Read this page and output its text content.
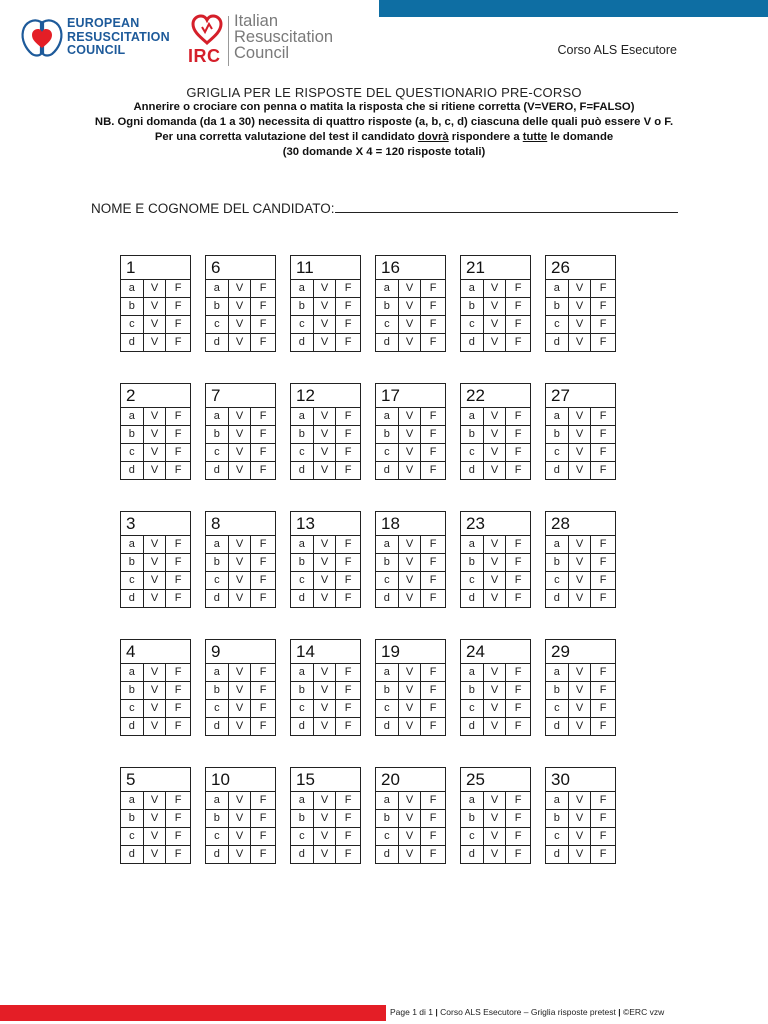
EUROPEAN
RESUSCITATION
COUNCIL	IRC
Italian
Resuscitation
Council	Corso ALS Esecutore
GRIGLIA PER LE RISPOSTE DEL QUESTIONARIO PRE-CORSO
Annerire o crociare con penna o matita la risposta che si ritiene corretta (V=VERO, F=FALSO)
NB. Ogni domanda (da 1 a 30) necessita di quattro risposte (a, b, c, d) ciascuna delle quali può essere V o F.
Per una corretta valutazione del test il candidato dovrà rispondere a tutte le domande
(30 domande X 4 = 120 risposte totali)
NOME E COGNOME DEL CANDIDATO:
1
a	V	F
b	V	F
c	V	F
d	V	F
6
a	V	F
b	V	F
c	V	F
d	V	F
11
a	V	F
b	V	F
c	V	F
d	V	F
16
a	V	F
b	V	F
c	V	F
d	V	F
21
a	V	F
b	V	F
c	V	F
d	V	F
26
a	V	F
b	V	F
c	V	F
d	V	F
2
a	V	F
b	V	F
c	V	F
d	V	F
7
a	V	F
b	V	F
c	V	F
d	V	F
12
a	V	F
b	V	F
c	V	F
d	V	F
17
a	V	F
b	V	F
c	V	F
d	V	F
22
a	V	F
b	V	F
c	V	F
d	V	F
27
a	V	F
b	V	F
c	V	F
d	V	F
3
a	V	F
b	V	F
c	V	F
d	V	F
8
a	V	F
b	V	F
c	V	F
d	V	F
13
a	V	F
b	V	F
c	V	F
d	V	F
18
a	V	F
b	V	F
c	V	F
d	V	F
23
a	V	F
b	V	F
c	V	F
d	V	F
28
a	V	F
b	V	F
c	V	F
d	V	F
4
a	V	F
b	V	F
c	V	F
d	V	F
9
a	V	F
b	V	F
c	V	F
d	V	F
14
a	V	F
b	V	F
c	V	F
d	V	F
19
a	V	F
b	V	F
c	V	F
d	V	F
24
a	V	F
b	V	F
c	V	F
d	V	F
29
a	V	F
b	V	F
c	V	F
d	V	F
5
a	V	F
b	V	F
c	V	F
d	V	F
10
a	V	F
b	V	F
c	V	F
d	V	F
15
a	V	F
b	V	F
c	V	F
d	V	F
20
a	V	F
b	V	F
c	V	F
d	V	F
25
a	V	F
b	V	F
c	V	F
d	V	F
30
a	V	F
b	V	F
c	V	F
d	V	F
Page 1 di 1 | Corso ALS Esecutore – Griglia risposte pretest | ©ERC vzw
